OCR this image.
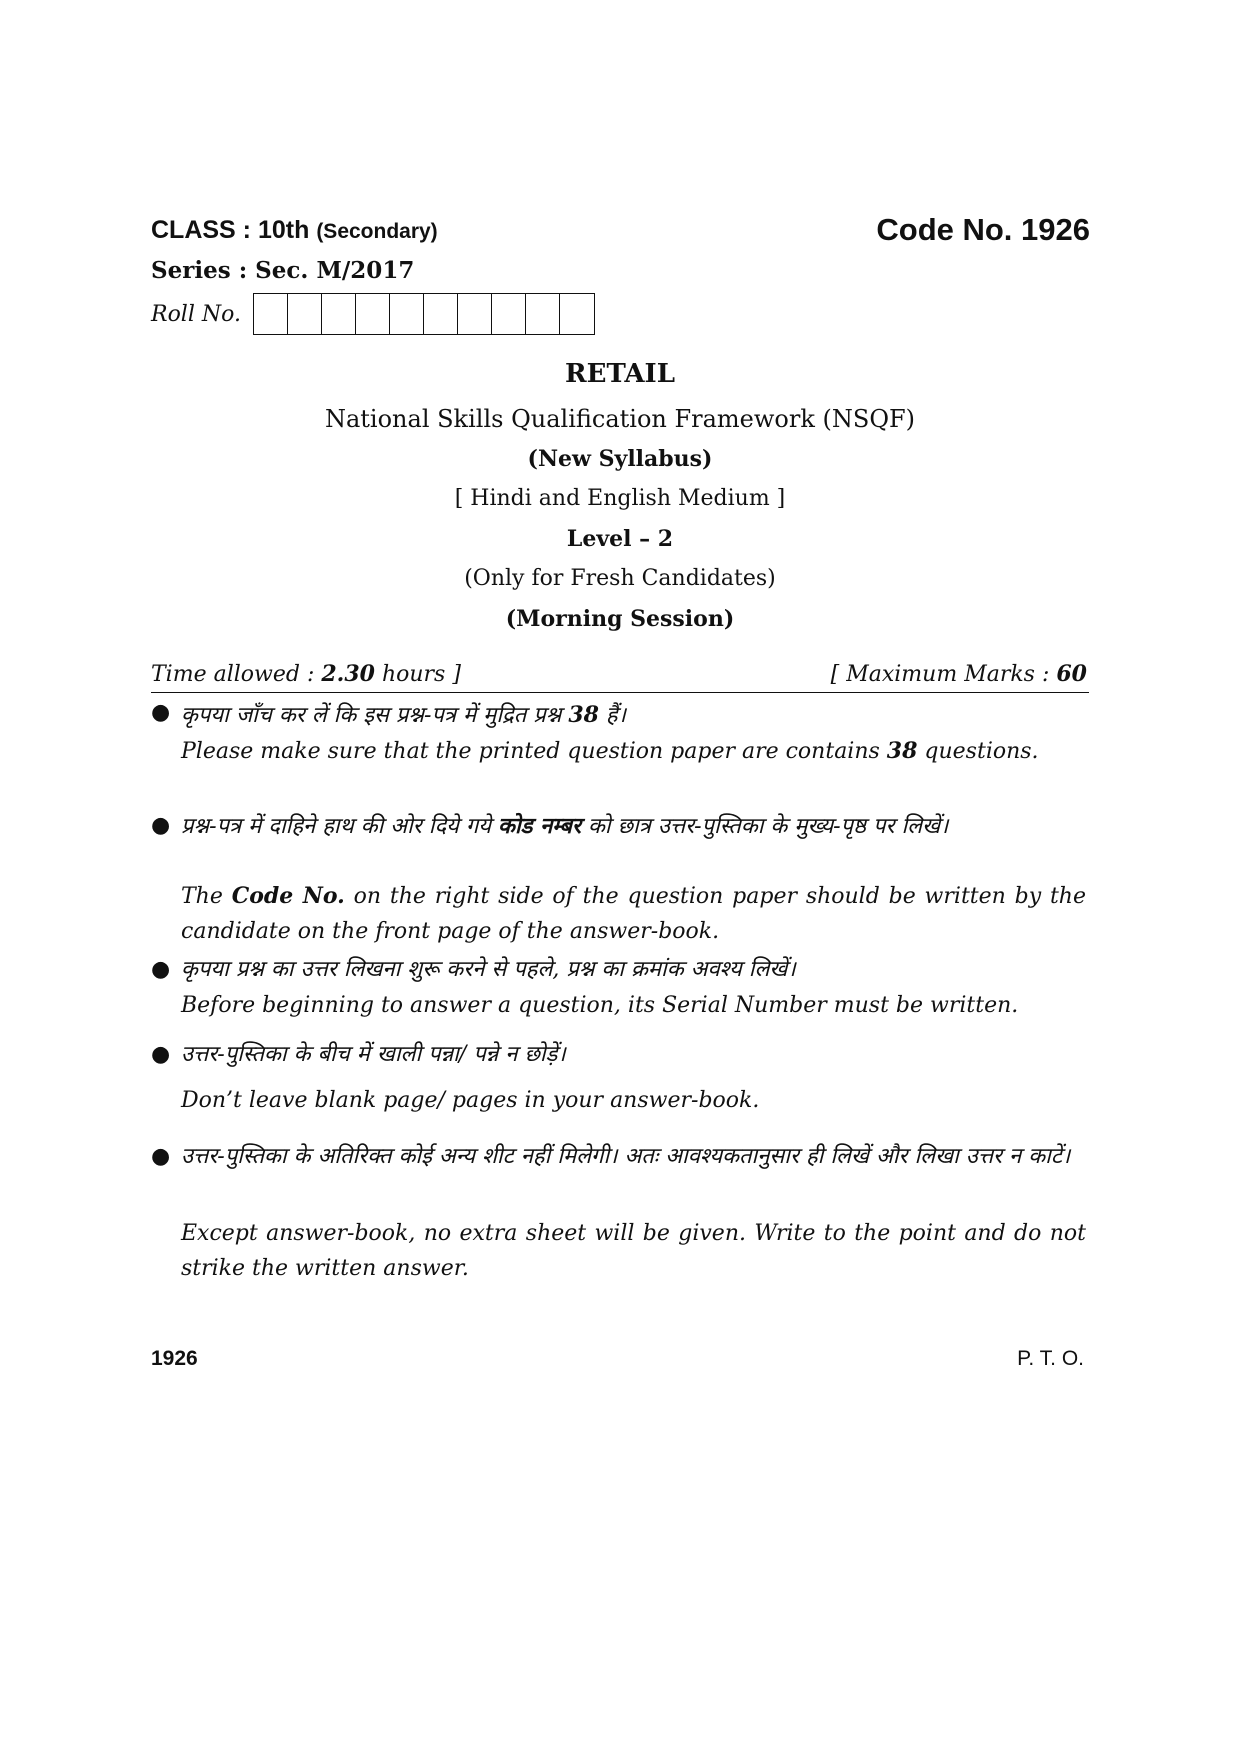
CLASS : 10th (Secondary)	Code No. 1926
Series : Sec. M/2017
Roll No.
RETAIL
National Skills Qualification Framework (NSQF)
(New Syllabus)
[ Hindi and English Medium ]
Level – 2
(Only for Fresh Candidates)
(Morning Session)
Time allowed : 2.30 hours ]	[ Maximum Marks : 60
● कृपया जाँच कर लें कि इस प्रश्न-पत्र में मुद्रित प्रश्न 38 हैं।
Please make sure that the printed question paper are contains 38 questions.
● प्रश्न-पत्र में दाहिने हाथ की ओर दिये गये कोड नम्बर को छात्र उत्तर-पुस्तिका के मुख्य-पृष्ठ पर लिखें।
The Code No. on the right side of the question paper should be written by the candidate on the front page of the answer-book.
● कृपया प्रश्न का उत्तर लिखना शुरू करने से पहले, प्रश्न का क्रमांक अवश्य लिखें।
Before beginning to answer a question, its Serial Number must be written.
● उत्तर-पुस्तिका के बीच में खाली पन्ना/ पन्ने न छोड़ें।
Don’t leave blank page/ pages in your answer-book.
● उत्तर-पुस्तिका के अतिरिक्त कोई अन्य शीट नहीं मिलेगी। अतः आवश्यकतानुसार ही लिखें और लिखा उत्तर न काटें।
Except answer-book, no extra sheet will be given. Write to the point and do not strike the written answer.
1926	P. T. O.
